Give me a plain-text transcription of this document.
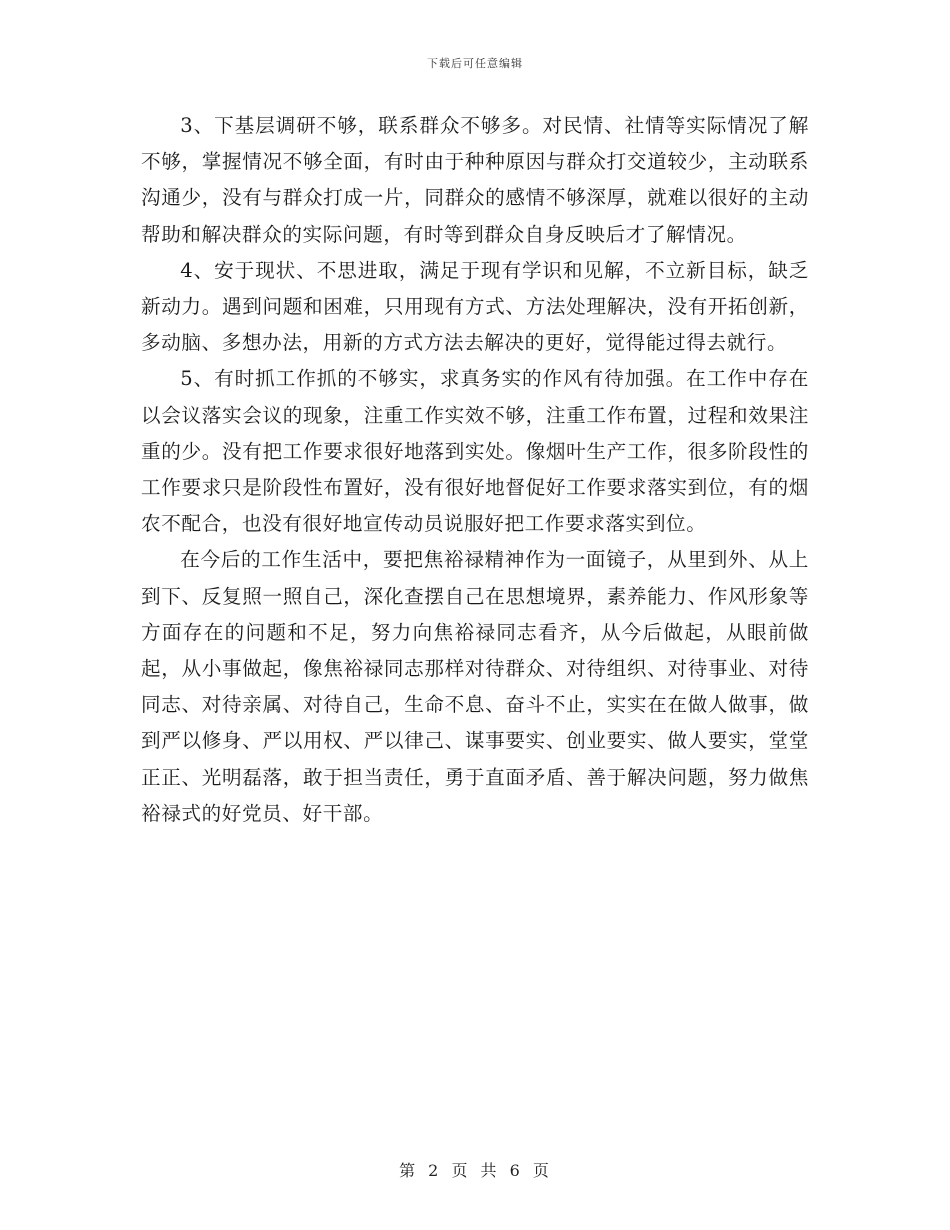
下载后可任意编辑

3、下基层调研不够，联系群众不够多。对民情、社情等实际情况了解不够，掌握情况不够全面，有时由于种种原因与群众打交道较少，主动联系沟通少，没有与群众打成一片，同群众的感情不够深厚，就难以很好的主动帮助和解决群众的实际问题，有时等到群众自身反映后才了解情况。

4、安于现状、不思进取，满足于现有学识和见解，不立新目标，缺乏新动力。遇到问题和困难，只用现有方式、方法处理解决，没有开拓创新，多动脑、多想办法，用新的方式方法去解决的更好，觉得能过得去就行。

5、有时抓工作抓的不够实，求真务实的作风有待加强。在工作中存在以会议落实会议的现象，注重工作实效不够，注重工作布置，过程和效果注重的少。没有把工作要求很好地落到实处。像烟叶生产工作，很多阶段性的工作要求只是阶段性布置好，没有很好地督促好工作要求落实到位，有的烟农不配合，也没有很好地宣传动员说服好把工作要求落实到位。

在今后的工作生活中，要把焦裕禄精神作为一面镜子，从里到外、从上到下、反复照一照自己，深化查摆自己在思想境界，素养能力、作风形象等方面存在的问题和不足，努力向焦裕禄同志看齐，从今后做起，从眼前做起，从小事做起，像焦裕禄同志那样对待群众、对待组织、对待事业、对待同志、对待亲属、对待自己，生命不息、奋斗不止，实实在在做人做事，做到严以修身、严以用权、严以律己、谋事要实、创业要实、做人要实，堂堂正正、光明磊落，敢于担当责任，勇于直面矛盾、善于解决问题，努力做焦裕禄式的好党员、好干部。

第 2 页 共 6 页
